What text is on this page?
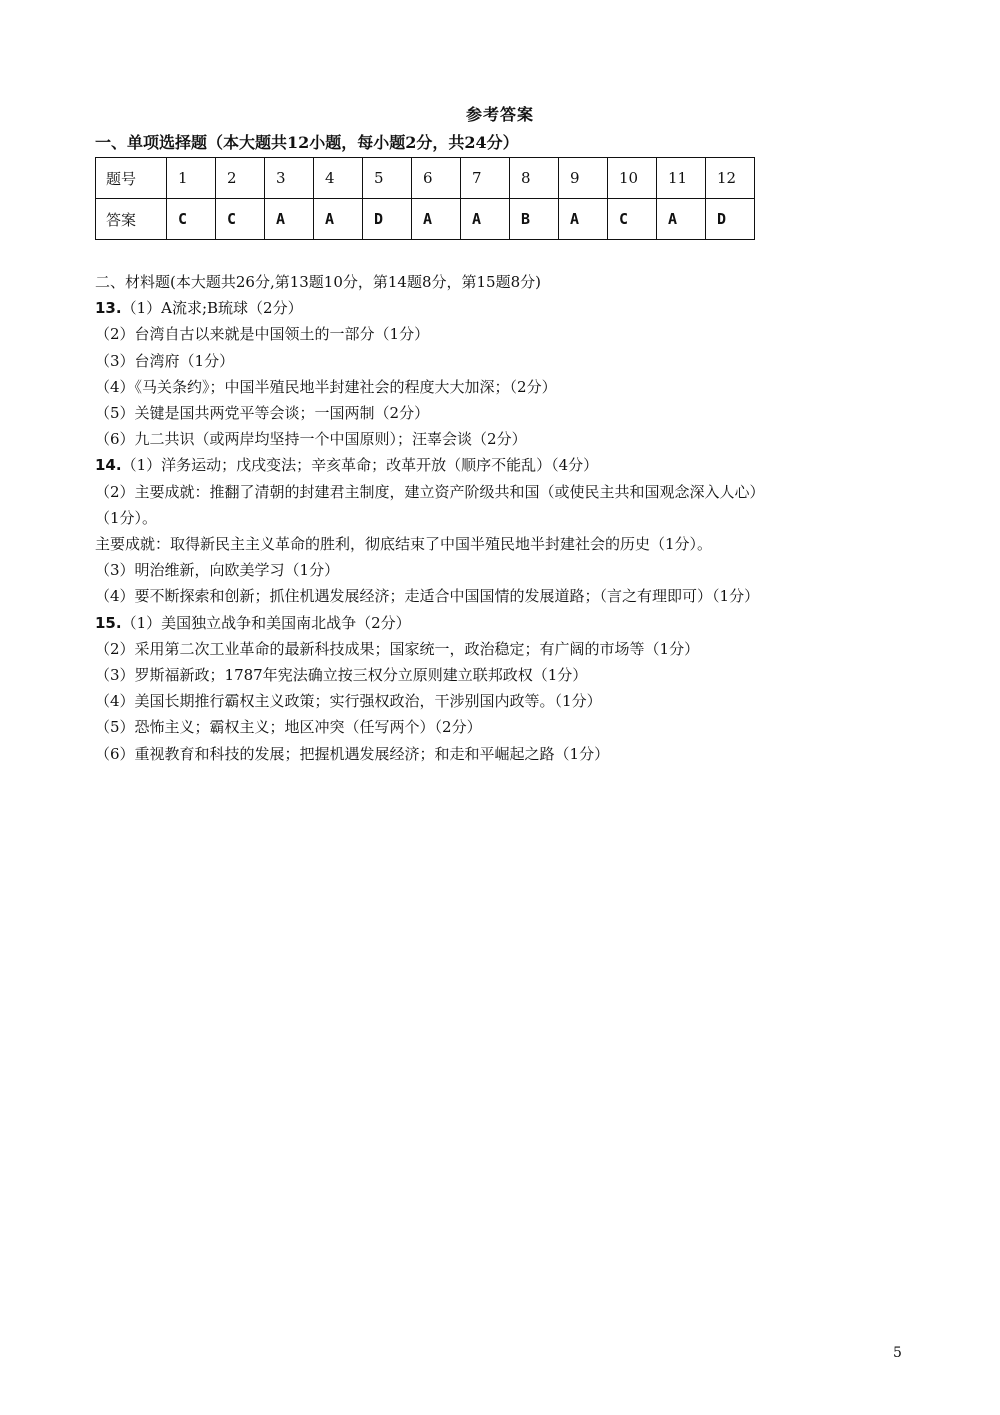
参考答案
一、单项选择题（本大题共12小题，每小题2分，共24分）
题号	1	2	3	4	5	6	7	8	9	10	11	12
答案	C	C	A	A	D	A	A	B	A	C	A	D
二、材料题(本大题共26分,第13题10分，第14题8分，第15题8分)
13.（1）A流求;B琉球（2分）
（2）台湾自古以来就是中国领土的一部分（1分）
（3）台湾府（1分）
（4）《马关条约》；中国半殖民地半封建社会的程度大大加深；（2分）
（5）关键是国共两党平等会谈；一国两制（2分）
（6）九二共识（或两岸均坚持一个中国原则）；汪辜会谈（2分）
14.（1）洋务运动；戊戌变法；辛亥革命；改革开放（顺序不能乱）（4分）
（2）主要成就：推翻了清朝的封建君主制度，建立资产阶级共和国（或使民主共和国观念深入人心）
（1分）。
主要成就：取得新民主主义革命的胜利，彻底结束了中国半殖民地半封建社会的历史（1分）。
（3）明治维新，向欧美学习（1分）
（4）要不断探索和创新；抓住机遇发展经济；走适合中国国情的发展道路；（言之有理即可）（1分）
15.（1）美国独立战争和美国南北战争（2分）
（2）采用第二次工业革命的最新科技成果；国家统一，政治稳定；有广阔的市场等（1分）
（3）罗斯福新政；1787年宪法确立按三权分立原则建立联邦政权（1分）
（4）美国长期推行霸权主义政策；实行强权政治，干涉别国内政等。（1分）
（5）恐怖主义；霸权主义；地区冲突（任写两个）（2分）
（6）重视教育和科技的发展；把握机遇发展经济；和走和平崛起之路（1分）
5
